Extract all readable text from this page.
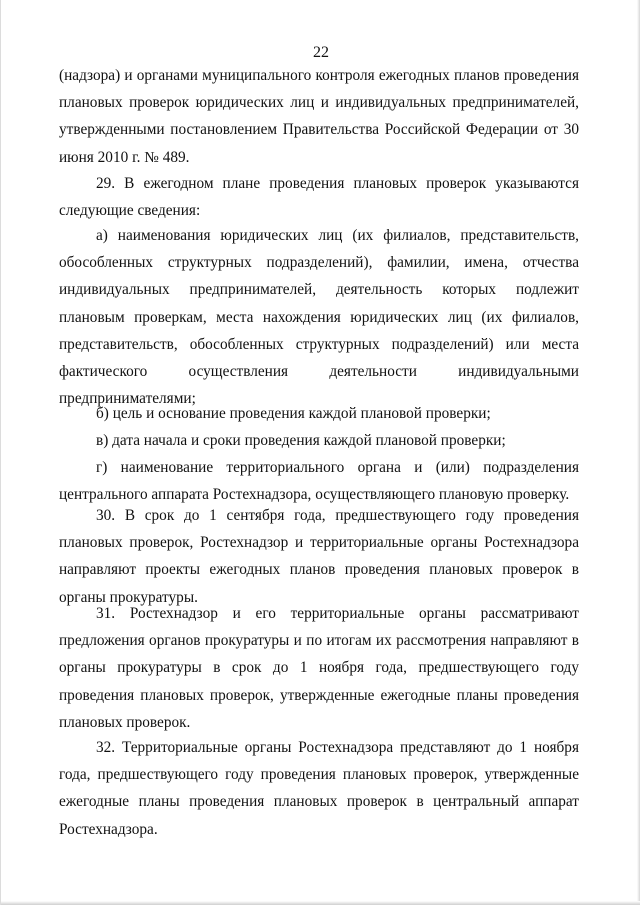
22

(надзора) и органами муниципального контроля ежегодных планов проведения плановых проверок юридических лиц и индивидуальных предпринимателей, утвержденными постановлением Правительства Российской Федерации от 30 июня 2010 г. № 489.

29. В ежегодном плане проведения плановых проверок указываются следующие сведения:

а) наименования юридических лиц (их филиалов, представительств, обособленных структурных подразделений), фамилии, имена, отчества индивидуальных предпринимателей, деятельность которых подлежит плановым проверкам, места нахождения юридических лиц (их филиалов, представительств, обособленных структурных подразделений) или места фактического осуществления деятельности индивидуальными предпринимателями;

б) цель и основание проведения каждой плановой проверки;

в) дата начала и сроки проведения каждой плановой проверки;

г) наименование территориального органа и (или) подразделения центрального аппарата Ростехнадзора, осуществляющего плановую проверку.

30. В срок до 1 сентября года, предшествующего году проведения плановых проверок, Ростехнадзор и территориальные органы Ростехнадзора направляют проекты ежегодных планов проведения плановых проверок в органы прокуратуры.

31. Ростехнадзор и его территориальные органы рассматривают предложения органов прокуратуры и по итогам их рассмотрения направляют в органы прокуратуры в срок до 1 ноября года, предшествующего году проведения плановых проверок, утвержденные ежегодные планы проведения плановых проверок.

32. Территориальные органы Ростехнадзора представляют до 1 ноября года, предшествующего году проведения плановых проверок, утвержденные ежегодные планы проведения плановых проверок в центральный аппарат Ростехнадзора.
